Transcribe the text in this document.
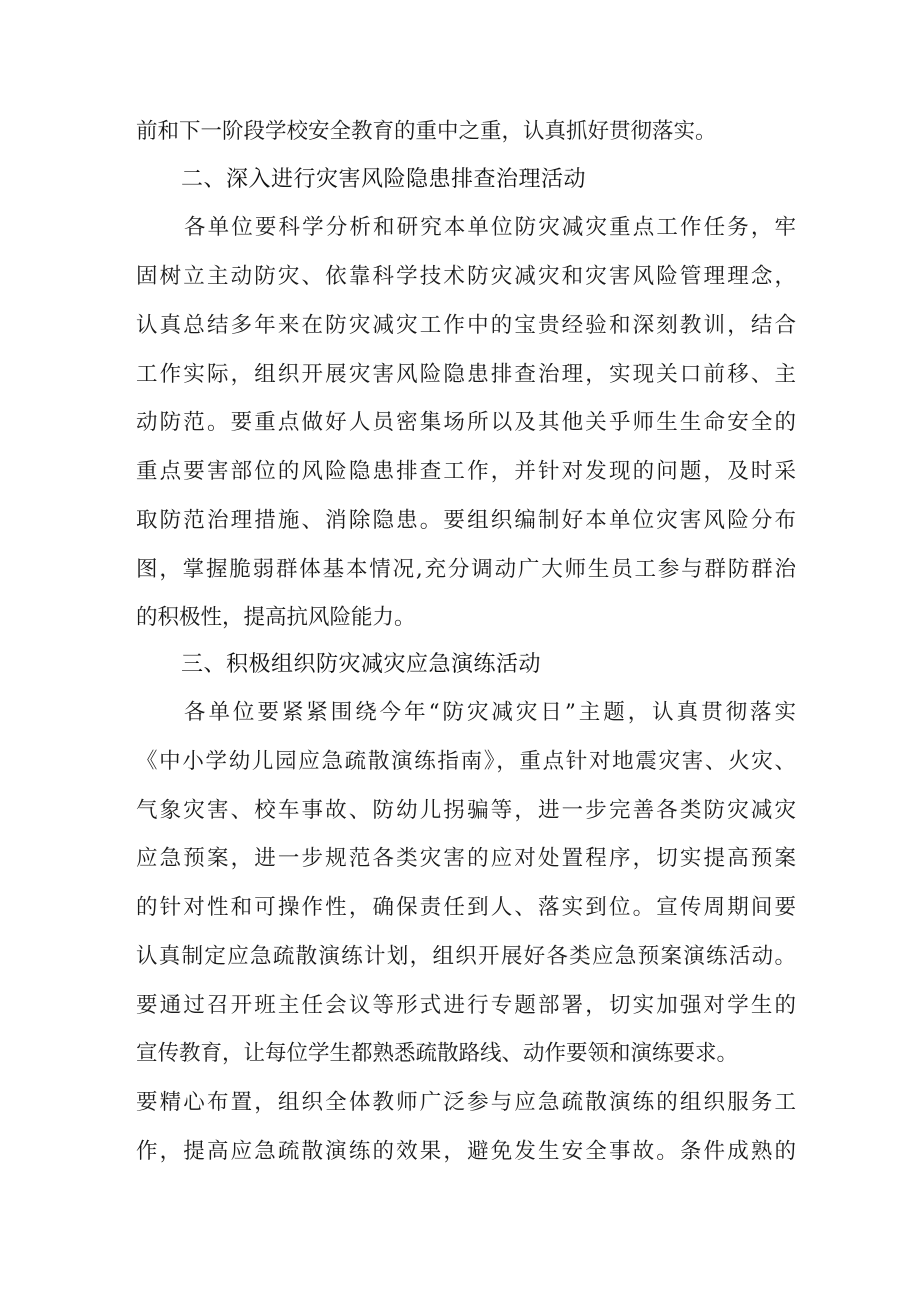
前和下一阶段学校安全教育的重中之重，认真抓好贯彻落实。
二、深入进行灾害风险隐患排查治理活动
各单位要科学分析和研究本单位防灾减灾重点工作任务，牢
固树立主动防灾、依靠科学技术防灾减灾和灾害风险管理理念，
认真总结多年来在防灾减灾工作中的宝贵经验和深刻教训，结合
工作实际，组织开展灾害风险隐患排查治理，实现关口前移、主
动防范。要重点做好人员密集场所以及其他关乎师生生命安全的
重点要害部位的风险隐患排查工作，并针对发现的问题，及时采
取防范治理措施、消除隐患。要组织编制好本单位灾害风险分布
图，掌握脆弱群体基本情况,充分调动广大师生员工参与群防群治
的积极性，提高抗风险能力。
三、积极组织防灾减灾应急演练活动
各单位要紧紧围绕今年“防灾减灾日”主题，认真贯彻落实
《中小学幼儿园应急疏散演练指南》，重点针对地震灾害、火灾、
气象灾害、校车事故、防幼儿拐骗等，进一步完善各类防灾减灾
应急预案，进一步规范各类灾害的应对处置程序，切实提高预案
的针对性和可操作性，确保责任到人、落实到位。宣传周期间要
认真制定应急疏散演练计划，组织开展好各类应急预案演练活动。
要通过召开班主任会议等形式进行专题部署，切实加强对学生的
宣传教育，让每位学生都熟悉疏散路线、动作要领和演练要求。
要精心布置，组织全体教师广泛参与应急疏散演练的组织服务工
作，提高应急疏散演练的效果，避免发生安全事故。条件成熟的
